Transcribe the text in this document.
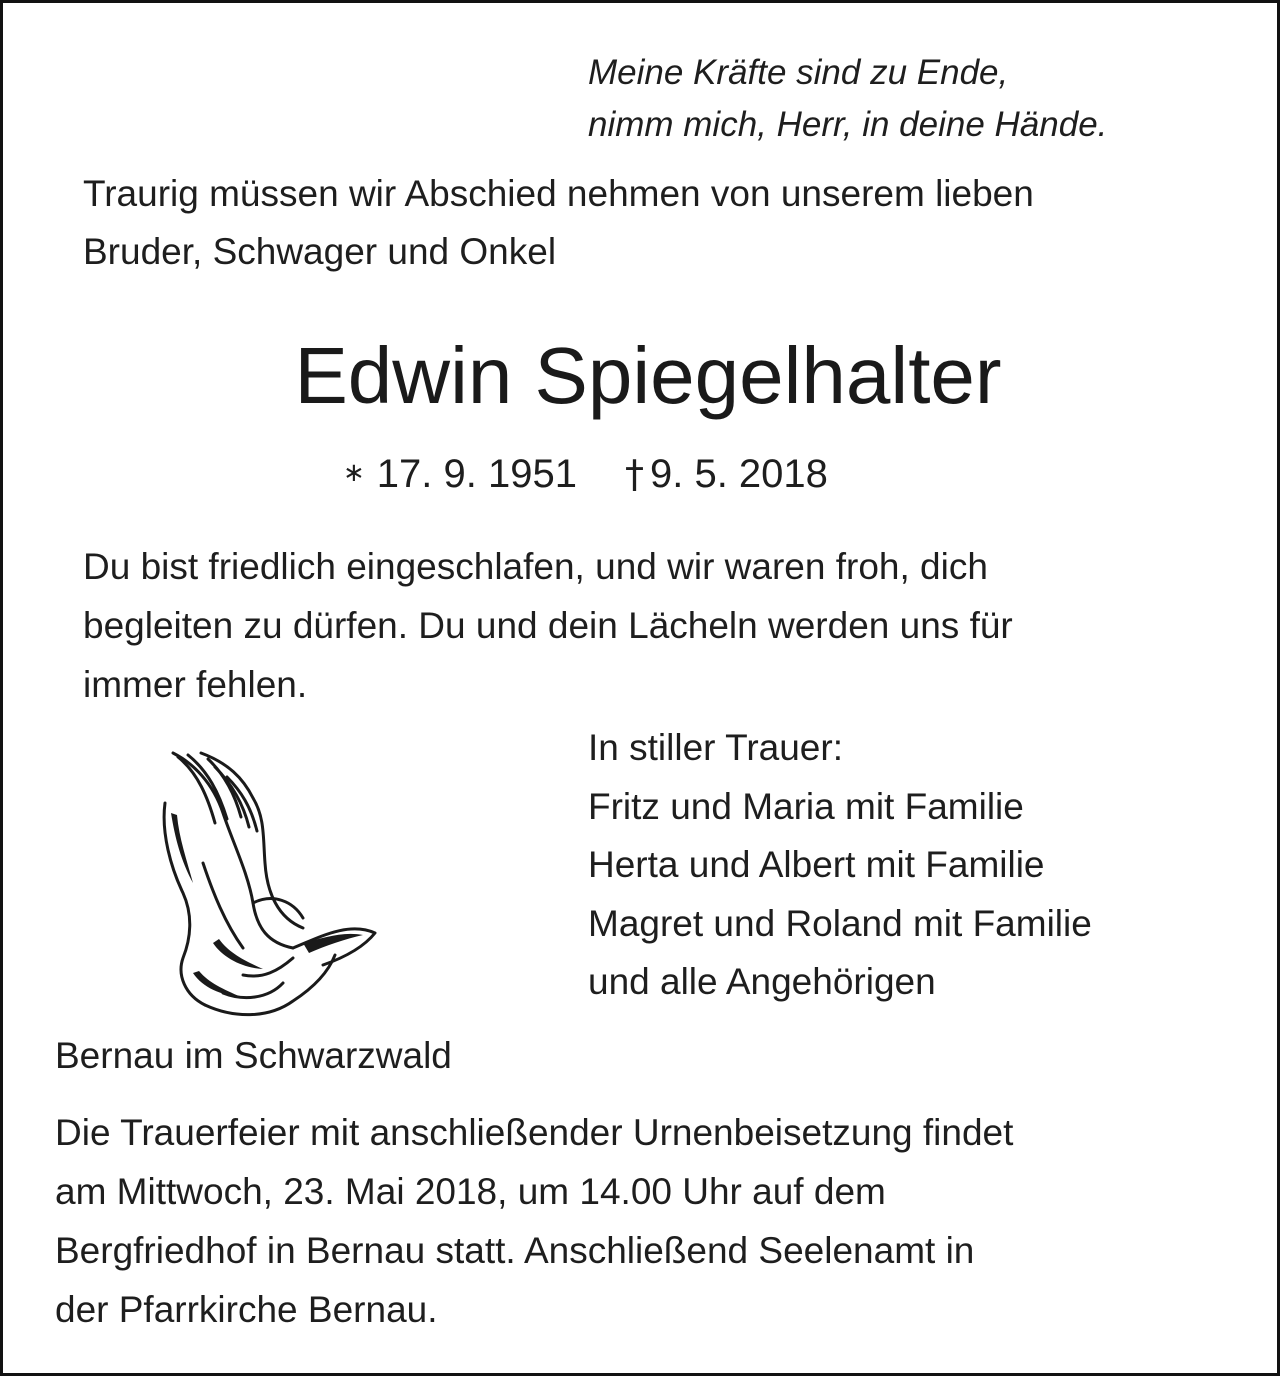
Meine Kräfte sind zu Ende,
nimm mich, Herr, in deine Hände.
Traurig müssen wir Abschied nehmen von unserem lieben
Bruder, Schwager und Onkel
Edwin Spiegelhalter
∗ 17. 9. 1951 † 9. 5. 2018
Du bist friedlich eingeschlafen, und wir waren froh, dich
begleiten zu dürfen. Du und dein Lächeln werden uns für
immer fehlen.
In stiller Trauer:
Fritz und Maria mit Familie
Herta und Albert mit Familie
Magret und Roland mit Familie
und alle Angehörigen
Bernau im Schwarzwald
Die Trauerfeier mit anschließender Urnenbeisetzung findet
am Mittwoch, 23. Mai 2018, um 14.00 Uhr auf dem
Bergfriedhof in Bernau statt. Anschließend Seelenamt in
der Pfarrkirche Bernau.
